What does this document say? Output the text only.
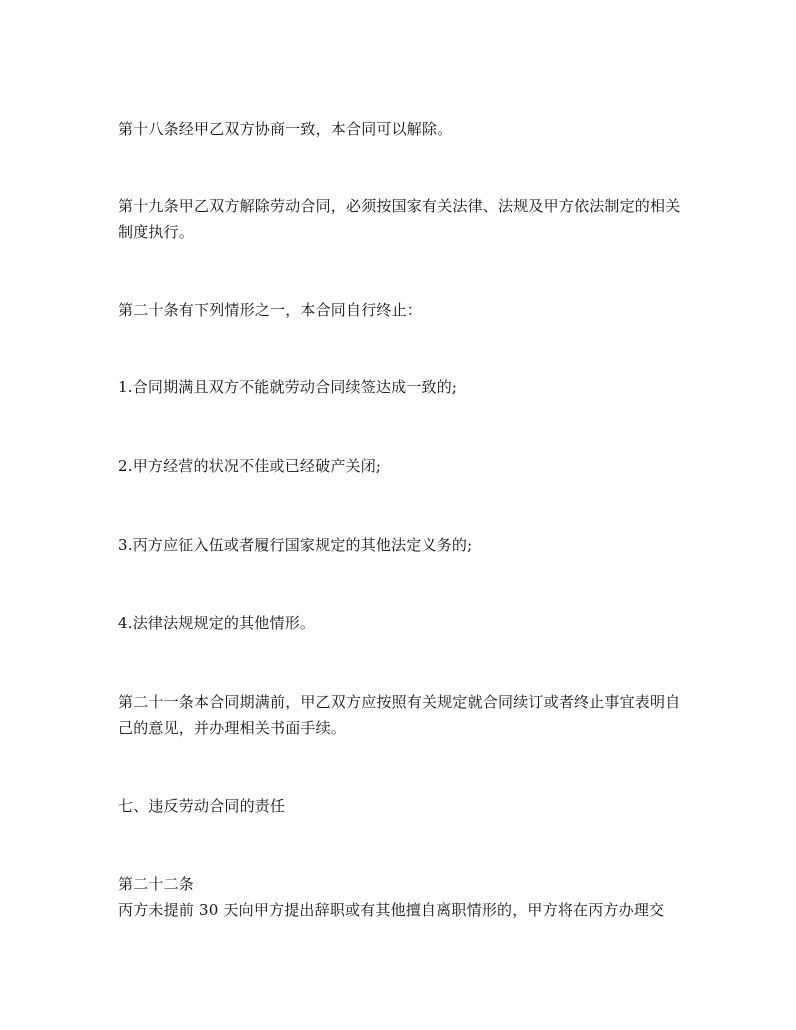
第十八条经甲乙双方协商一致，本合同可以解除。

第十九条甲乙双方解除劳动合同，必须按国家有关法律、法规及甲方依法制定的相关制度执行。

第二十条有下列情形之一，本合同自行终止：

1.合同期满且双方不能就劳动合同续签达成一致的;

2.甲方经营的状况不佳或已经破产关闭;

3.丙方应征入伍或者履行国家规定的其他法定义务的;

4.法律法规规定的其他情形。

第二十一条本合同期满前，甲乙双方应按照有关规定就合同续订或者终止事宜表明自己的意见，并办理相关书面手续。

七、违反劳动合同的责任

第二十二条

丙方未提前 30 天向甲方提出辞职或有其他擅自离职情形的，甲方将在丙方办理交
